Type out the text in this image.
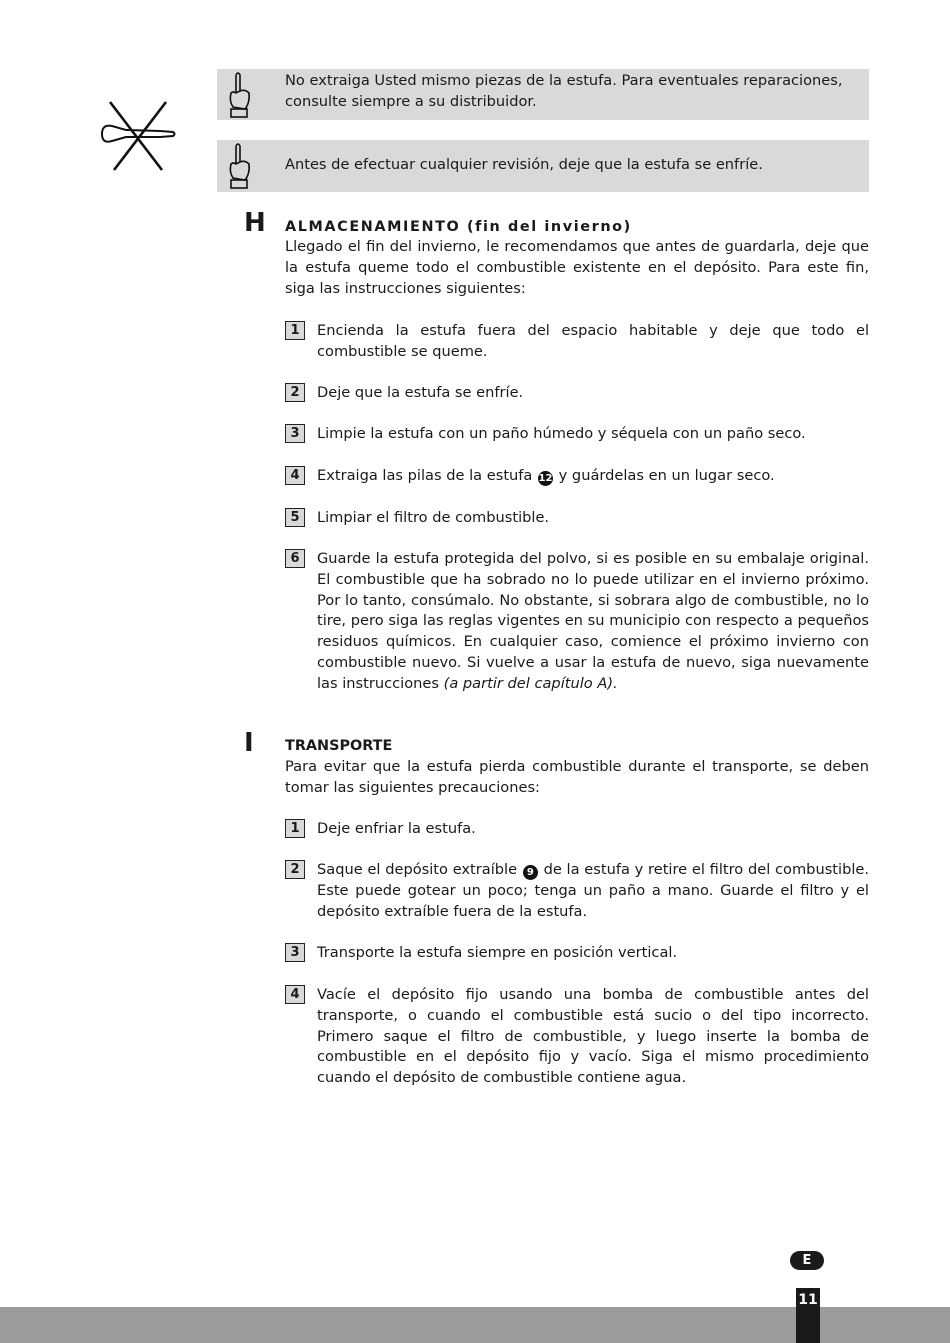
No extraiga Usted mismo piezas de la estufa. Para eventuales reparaciones, consulte siempre a su distribuidor.
Antes de efectuar cualquier revisión, deje que la estufa se enfríe.
H ALMACENAMIENTO (fin del invierno)
Llegado el fin del invierno, le recomendamos que antes de guardarla, deje que la estufa queme todo el combustible existente en el depósito. Para este fin, siga las instrucciones siguientes:
1	Encienda la estufa fuera del espacio habitable y deje que todo el combustible se queme.
2	Deje que la estufa se enfríe.
3	Limpie la estufa con un paño húmedo y séquela con un paño seco.
4	Extraiga las pilas de la estufa 12 y guárdelas en un lugar seco.
5	Limpiar el filtro de combustible.
6	Guarde la estufa protegida del polvo, si es posible en su embalaje original. El combustible que ha sobrado no lo puede utilizar en el invierno próximo. Por lo tanto, consúmalo. No obstante, si sobrara algo de combustible, no lo tire, pero siga las reglas vigentes en su municipio con respecto a pequeños residuos químicos. En cualquier caso, comience el próximo invierno con combustible nuevo. Si vuelve a usar la estufa de nuevo, siga nuevamente las instrucciones (a partir del capítulo A).
I TRANSPORTE
Para evitar que la estufa pierda combustible durante el transporte, se deben tomar las siguientes precauciones:
1	Deje enfriar la estufa.
2	Saque el depósito extraíble 9 de la estufa y retire el filtro del combustible. Este puede gotear un poco; tenga un paño a mano. Guarde el filtro y el depósito extraíble fuera de la estufa.
3	Transporte la estufa siempre en posición vertical.
4	Vacíe el depósito fijo usando una bomba de combustible antes del transporte, o cuando el combustible está sucio o del tipo incorrecto. Primero saque el filtro de combustible, y luego inserte la bomba de combustible en el depósito fijo y vacío. Siga el mismo procedimiento cuando el depósito de combustible contiene agua.
E
11
